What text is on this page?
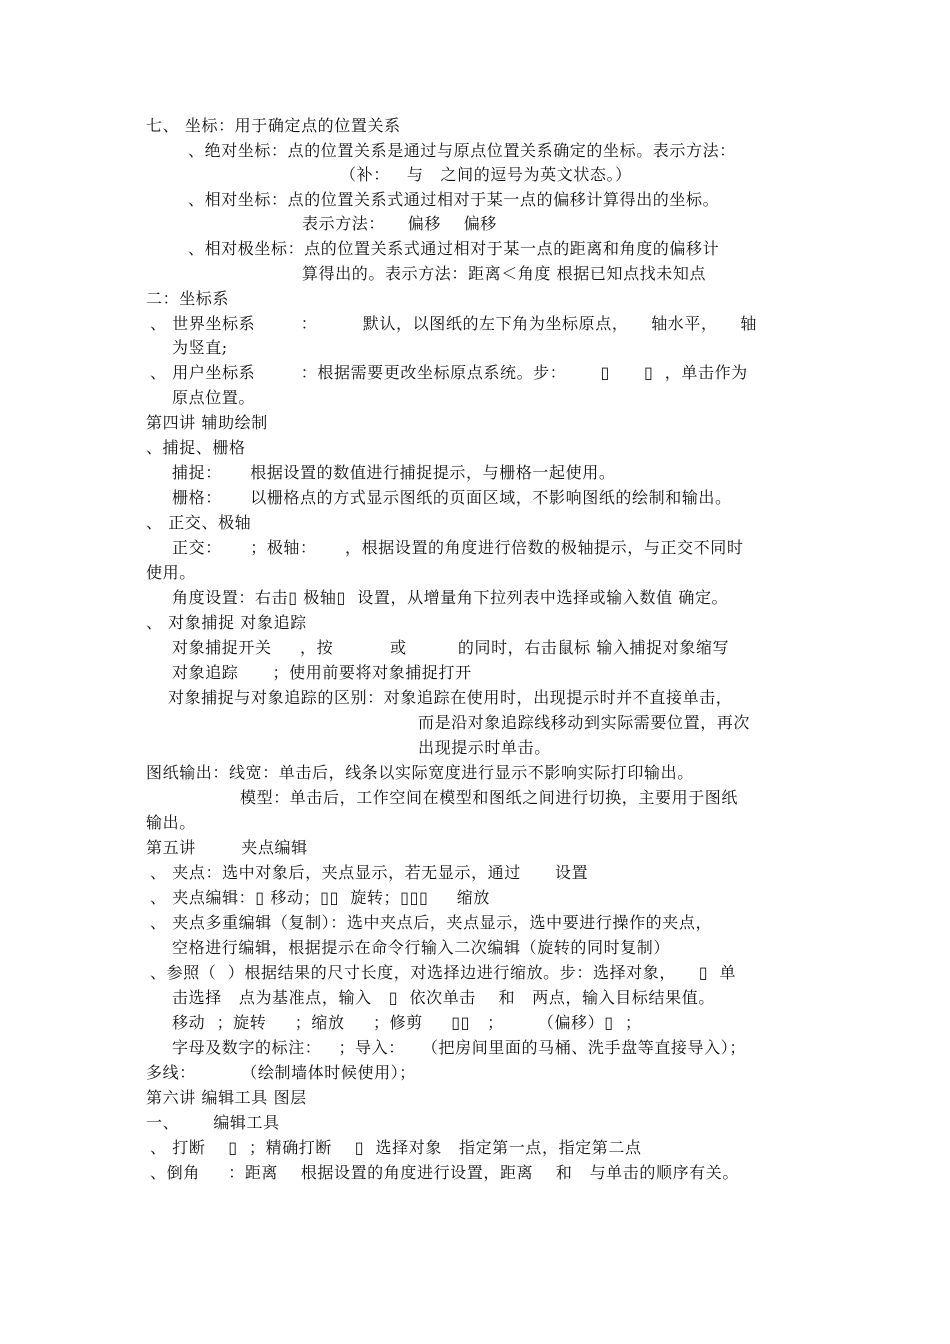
七、 坐标：用于确定点的位置关系
、绝对坐标：点的位置关系是通过与原点位置关系确定的坐标。表示方法：
（补：   与   之间的逗号为英文状态。）
、相对坐标：点的位置关系式通过相对于某一点的偏移计算得出的坐标。
表示方法：    偏移    偏移
、相对极坐标：点的位置关系式通过相对于某一点的距离和角度的偏移计
算得出的。表示方法：距离＜角度 根据已知点找未知点
二：坐标系
、 世界坐标系        ：        默认，以图纸的左下角为坐标原点，    轴水平，    轴
为竖直;
、 用户坐标系        ：根据需要更改坐标原点系统。步：      ▯      ▯  ，单击作为
原点位置。
第四讲 辅助绘制
、捕捉、栅格
捕捉：     根据设置的数值进行捕捉提示，与栅格一起使用。
栅格：     以栅格点的方式显示图纸的页面区域，不影响图纸的绘制和输出。
、 正交、极轴
正交：     ；极轴：     ，根据设置的角度进行倍数的极轴提示，与正交不同时
使用。
角度设置：右击▯ 极轴▯  设置，从增量角下拉列表中选择或输入数值 确定。
、 对象捕捉 对象追踪
对象捕捉开关     ，按          或         的同时，右击鼠标 输入捕捉对象缩写
对象追踪      ；使用前要将对象捕捉打开
对象捕捉与对象追踪的区别：对象追踪在使用时，出现提示时并不直接单击，
而是沿对象追踪线移动到实际需要位置，再次
出现提示时单击。
图纸输出：线宽：单击后，线条以实际宽度进行显示不影响实际打印输出。
模型：单击后，工作空间在模型和图纸之间进行切换，主要用于图纸
输出。
第五讲        夹点编辑
、 夹点：选中对象后，夹点显示，若无显示，通过      设置
、 夹点编辑：▯ 移动；▯▯  旋转；▯▯▯     缩放
、 夹点多重编辑（复制）：选中夹点后，夹点显示，选中要进行操作的夹点，
空格进行编辑，根据提示在命令行输入二次编辑（旋转的同时复制）
、参照（  ）根据结果的尺寸长度，对选择边进行缩放。步：选择对象，    ▯  单
击选择   点为基准点，输入   ▯  依次单击    和   两点，输入目标结果值。
移动  ；旋转     ；缩放     ；修剪     ▯▯   ；      （偏移）▯  ；
字母及数字的标注：   ；导入：   （把房间里面的马桶、洗手盘等直接导入）；
多线：        （绘制墙体时候使用）；
第六讲 编辑工具 图层
一、      编辑工具
、 打断    ▯  ；精确打断    ▯  选择对象   指定第一点，指定第二点
、倒角     ：距离    根据设置的角度进行设置，距离    和   与单击的顺序有关。
